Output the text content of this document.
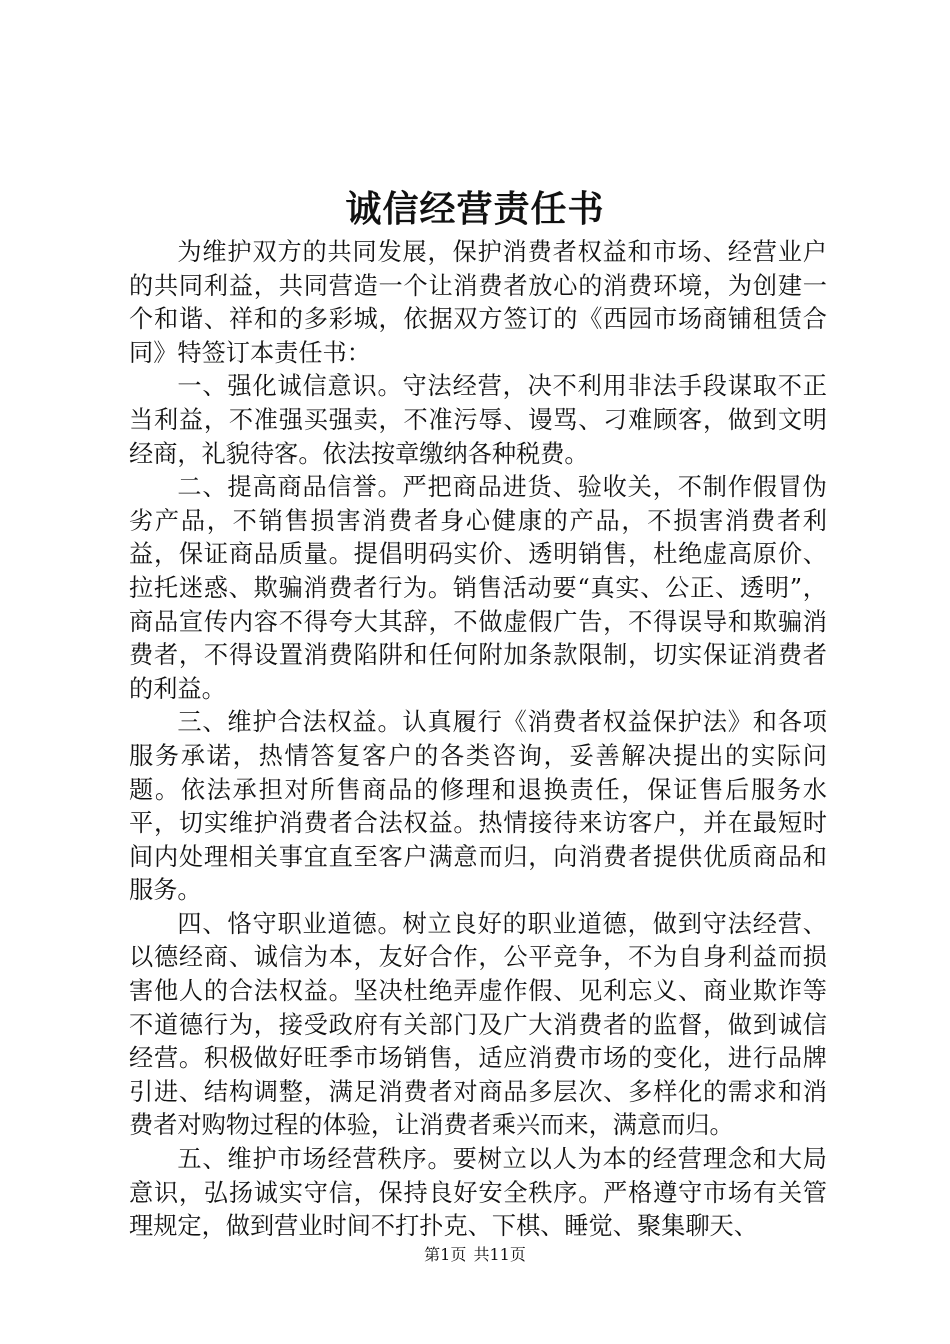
诚信经营责任书

为维护双方的共同发展，保护消费者权益和市场、经营业户的共同利益，共同营造一个让消费者放心的消费环境，为创建一个和谐、祥和的多彩城，依据双方签订的《西园市场商铺租赁合同》特签订本责任书：

一、强化诚信意识。守法经营，决不利用非法手段谋取不正当利益，不准强买强卖，不准污辱、谩骂、刁难顾客，做到文明经商，礼貌待客。依法按章缴纳各种税费。

二、提高商品信誉。严把商品进货、验收关，不制作假冒伪劣产品，不销售损害消费者身心健康的产品，不损害消费者利益，保证商品质量。提倡明码实价、透明销售，杜绝虚高原价、拉托迷惑、欺骗消费者行为。销售活动要“真实、公正、透明”，商品宣传内容不得夸大其辞，不做虚假广告，不得误导和欺骗消费者，不得设置消费陷阱和任何附加条款限制，切实保证消费者的利益。

三、维护合法权益。认真履行《消费者权益保护法》和各项服务承诺，热情答复客户的各类咨询，妥善解决提出的实际问题。依法承担对所售商品的修理和退换责任，保证售后服务水平，切实维护消费者合法权益。热情接待来访客户，并在最短时间内处理相关事宜直至客户满意而归，向消费者提供优质商品和服务。

四、恪守职业道德。树立良好的职业道德，做到守法经营、以德经商、诚信为本，友好合作，公平竞争，不为自身利益而损害他人的合法权益。坚决杜绝弄虚作假、见利忘义、商业欺诈等不道德行为，接受政府有关部门及广大消费者的监督，做到诚信经营。积极做好旺季市场销售，适应消费市场的变化，进行品牌引进、结构调整，满足消费者对商品多层次、多样化的需求和消费者对购物过程的体验，让消费者乘兴而来，满意而归。

五、维护市场经营秩序。要树立以人为本的经营理念和大局意识，弘扬诚实守信，保持良好安全秩序。严格遵守市场有关管理规定，做到营业时间不打扑克、下棋、睡觉、聚集聊天、

第1页 共11页
